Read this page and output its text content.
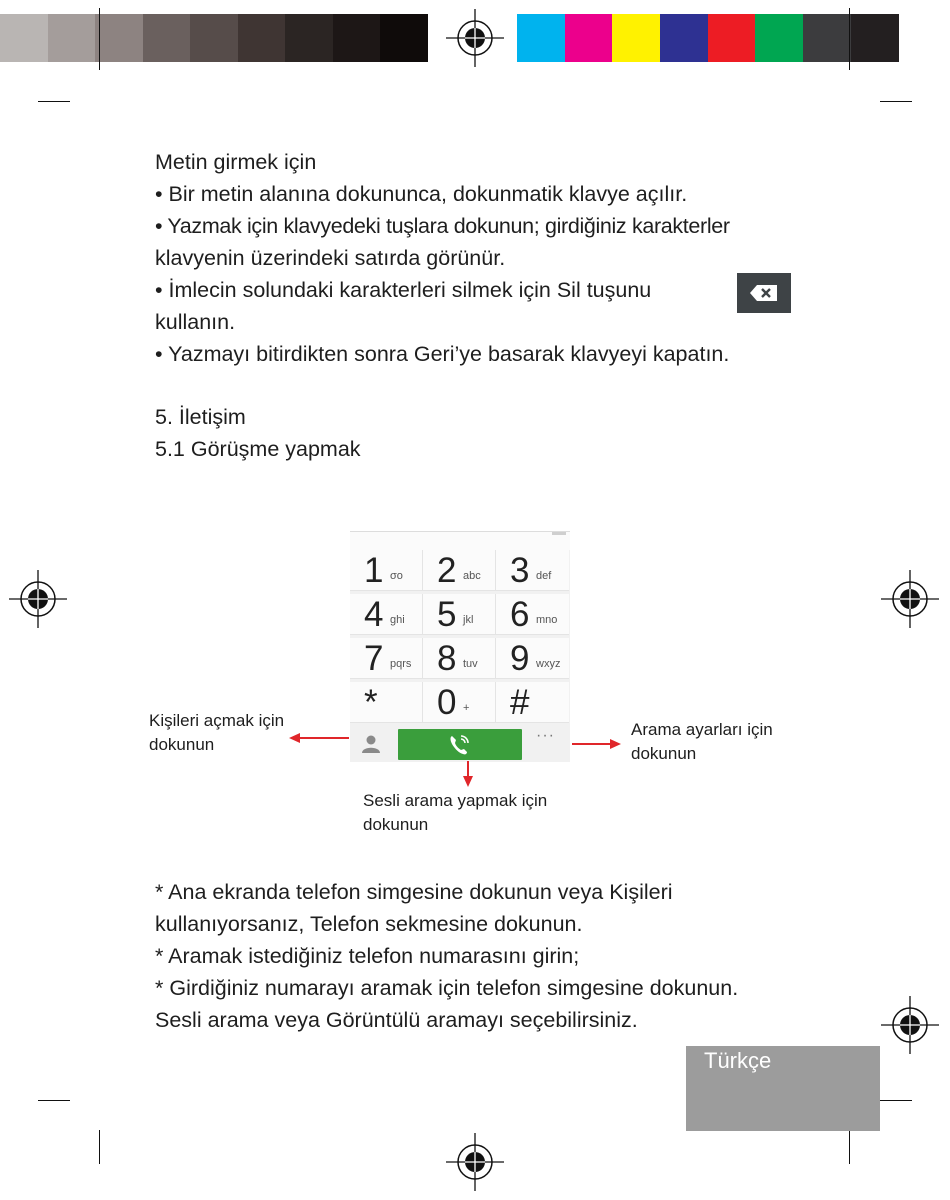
Metin girmek için

• Bir metin alanına dokununca, dokunmatik klavye açılır.

• Yazmak için klavyedeki tuşlara dokunun; girdiğiniz karakterler

klavyenin üzerindeki satırda görünür.

• İmlecin solundaki karakterleri silmek için Sil tuşunu

kullanın.

• Yazmayı bitirdikten sonra Geri’ye basarak klavyeyi kapatın.

5. İletişim

5.1 Görüşme yapmak

1 σο 2 abc 3 def
4 ghi 5 jkl 6 mno
7 pqrs 8 tuv 9 wxyz
* 0 + #
···

Kişileri açmak için

dokunun

Arama ayarları için

dokunun

Sesli arama yapmak için

dokunun

* Ana ekranda telefon simgesine dokunun veya Kişileri

kullanıyorsanız, Telefon sekmesine dokunun.

* Aramak istediğiniz telefon numarasını girin;

* Girdiğiniz numarayı aramak için telefon simgesine dokunun.

Sesli arama veya Görüntülü aramayı seçebilirsiniz.

Türkçe
